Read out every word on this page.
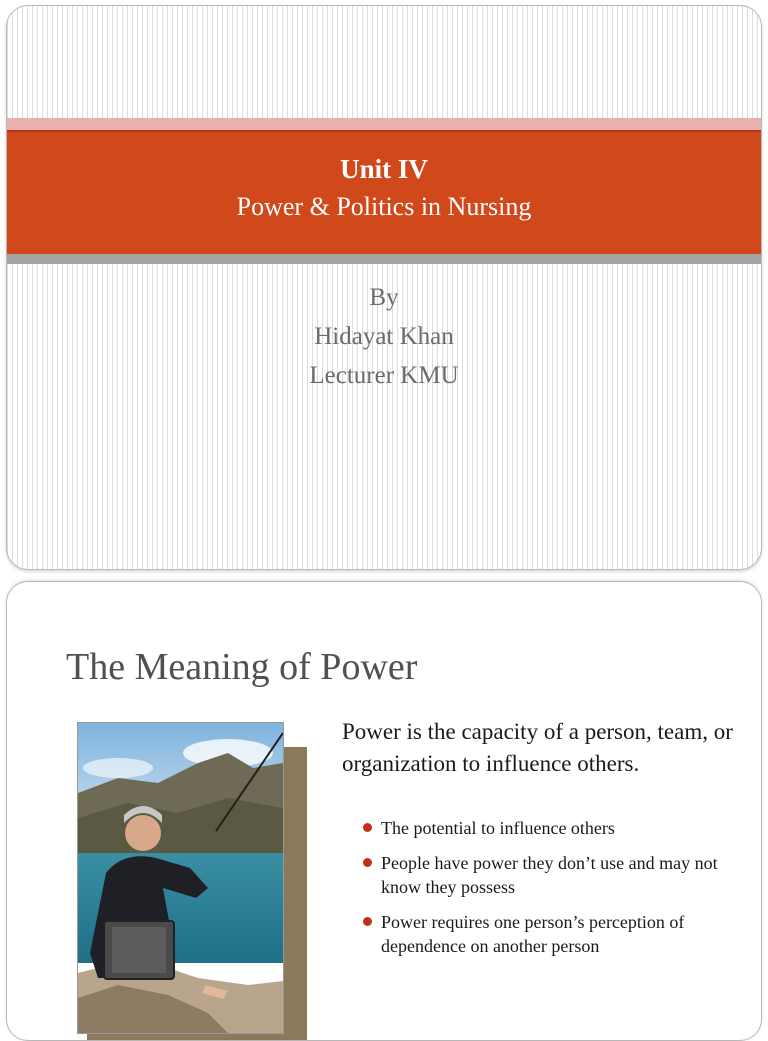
Unit IV
Power & Politics in Nursing
By
Hidayat Khan
Lecturer KMU
The Meaning of Power
Power is the capacity of a person, team, or organization to influence others.
The potential to influence others
People have power they don’t use and may not know they possess
Power requires one person’s perception of dependence on another person
